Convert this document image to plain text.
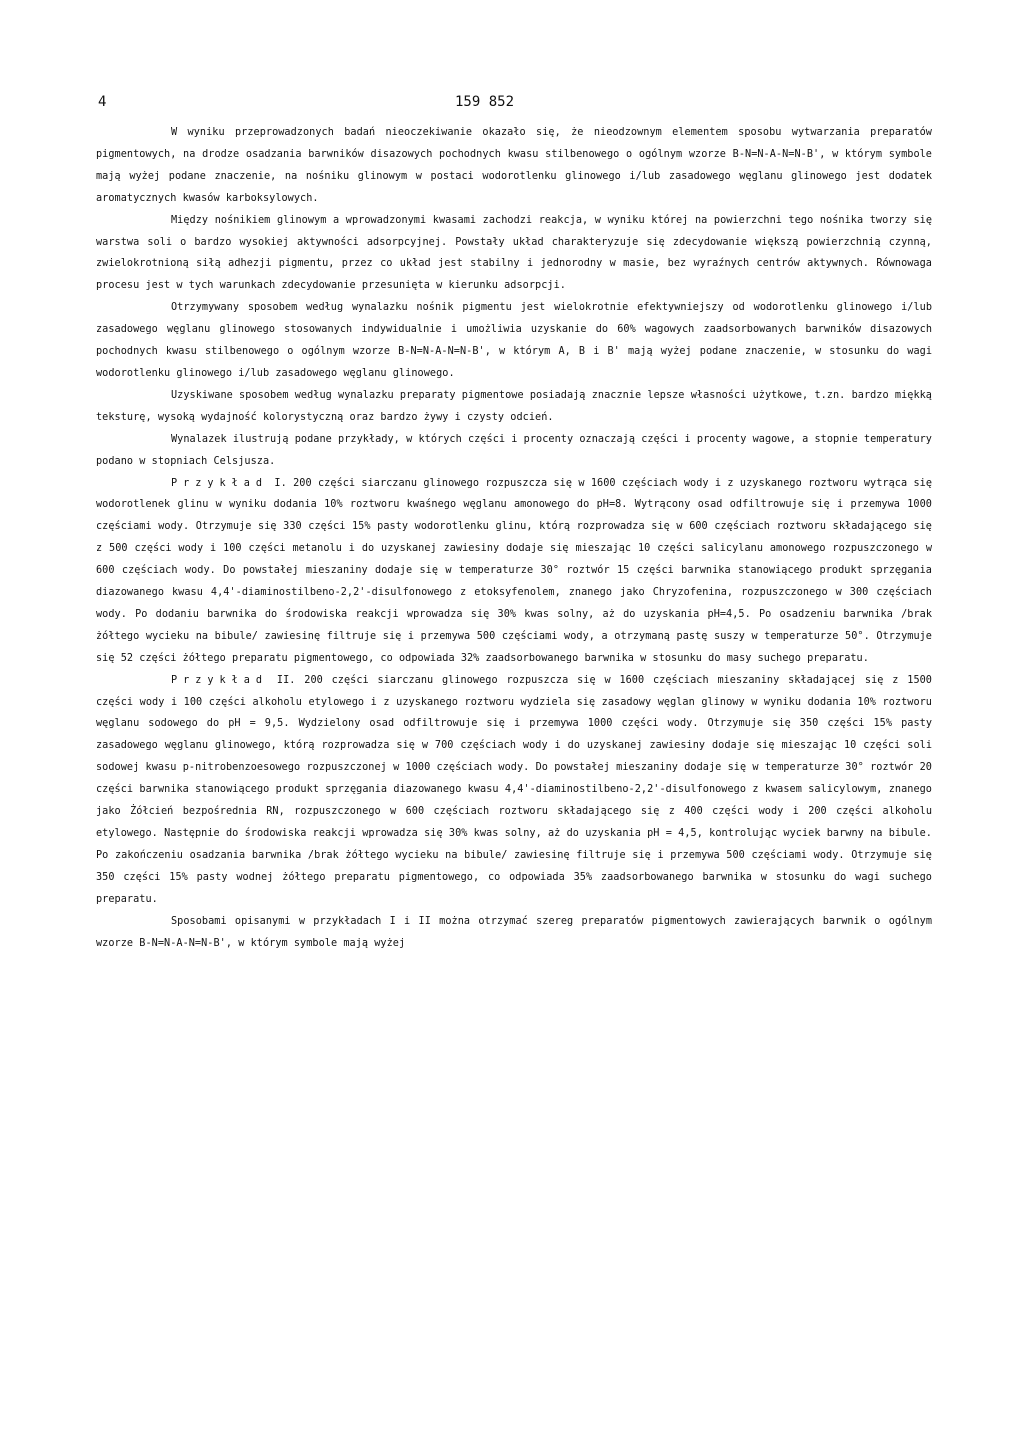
4	159 852

W wyniku przeprowadzonych badań nieoczekiwanie okazało się, że nieodzownym elementem sposobu wytwarzania preparatów pigmentowych, na drodze osadzania barwników disazowych pochodnych kwasu stilbenowego o ogólnym wzorze B-N=N-A-N=N-B', w którym symbole mają wyżej podane znaczenie, na nośniku glinowym w postaci wodorotlenku glinowego i/lub zasadowego węglanu glinowego jest dodatek aromatycznych kwasów karboksylowych.

Między nośnikiem glinowym a wprowadzonymi kwasami zachodzi reakcja, w wyniku której na powierzchni tego nośnika tworzy się warstwa soli o bardzo wysokiej aktywności adsorpcyjnej. Powstały układ charakteryzuje się zdecydowanie większą powierzchnią czynną, zwielokrotnioną siłą adhezji pigmentu, przez co układ jest stabilny i jednorodny w masie, bez wyraźnych centrów aktywnych. Równowaga procesu jest w tych warunkach zdecydowanie przesunięta w kierunku adsorpcji.

Otrzymywany sposobem według wynalazku nośnik pigmentu jest wielokrotnie efektywniejszy od wodorotlenku glinowego i/lub zasadowego węglanu glinowego stosowanych indywidualnie i umożliwia uzyskanie do 60% wagowych zaadsorbowanych barwników disazowych pochodnych kwasu stilbenowego o ogólnym wzorze B-N=N-A-N=N-B', w którym A, B i B' mają wyżej podane znaczenie, w stosunku do wagi wodorotlenku glinowego i/lub zasadowego węglanu glinowego.

Uzyskiwane sposobem według wynalazku preparaty pigmentowe posiadają znacznie lepsze własności użytkowe, t.zn. bardzo miękką teksturę, wysoką wydajność kolorystyczną oraz bardzo żywy i czysty odcień.

Wynalazek ilustrują podane przykłady, w których części i procenty oznaczają części i procenty wagowe, a stopnie temperatury podano w stopniach Celsjusza.

Przykład I. 200 części siarczanu glinowego rozpuszcza się w 1600 częściach wody i z uzyskanego roztworu wytrąca się wodorotlenek glinu w wyniku dodania 10% roztworu kwaśnego węglanu amonowego do pH=8. Wytrącony osad odfiltrowuje się i przemywa 1000 częściami wody. Otrzymuje się 330 części 15% pasty wodorotlenku glinu, którą rozprowadza się w 600 częściach roztworu składającego się z 500 części wody i 100 części metanolu i do uzyskanej zawiesiny dodaje się mieszając 10 części salicylanu amonowego rozpuszczonego w 600 częściach wody. Do powstałej mieszaniny dodaje się w temperaturze 30° roztwór 15 części barwnika stanowiącego produkt sprzęgania diazowanego kwasu 4,4'-diaminostilbeno-2,2'-disulfonowego z etoksyfenolem, znanego jako Chryzofenina, rozpuszczonego w 300 częściach wody. Po dodaniu barwnika do środowiska reakcji wprowadza się 30% kwas solny, aż do uzyskania pH=4,5. Po osadzeniu barwnika /brak żółtego wycieku na bibule/ zawiesinę filtruje się i przemywa 500 częściami wody, a otrzymaną pastę suszy w temperaturze 50°. Otrzymuje się 52 części żółtego preparatu pigmentowego, co odpowiada 32% zaadsorbowanego barwnika w stosunku do masy suchego preparatu.

Przykład II. 200 części siarczanu glinowego rozpuszcza się w 1600 częściach mieszaniny składającej się z 1500 części wody i 100 części alkoholu etylowego i z uzyskanego roztworu wydziela się zasadowy węglan glinowy w wyniku dodania 10% roztworu węglanu sodowego do pH = 9,5. Wydzielony osad odfiltrowuje się i przemywa 1000 części wody. Otrzymuje się 350 części 15% pasty zasadowego węglanu glinowego, którą rozprowadza się w 700 częściach wody i do uzyskanej zawiesiny dodaje się mieszając 10 części soli sodowej kwasu p-nitrobenzoesowego rozpuszczonej w 1000 częściach wody. Do powstałej mieszaniny dodaje się w temperaturze 30° roztwór 20 części barwnika stanowiącego produkt sprzęgania diazowanego kwasu 4,4'-diaminostilbeno-2,2'-disulfonowego z kwasem salicylowym, znanego jako Żółcień bezpośrednia RN, rozpuszczonego w 600 częściach roztworu składającego się z 400 części wody i 200 części alkoholu etylowego. Następnie do środowiska reakcji wprowadza się 30% kwas solny, aż do uzyskania pH = 4,5, kontrolując wyciek barwny na bibule. Po zakończeniu osadzania barwnika /brak żółtego wycieku na bibule/ zawiesinę filtruje się i przemywa 500 częściami wody. Otrzymuje się 350 części 15% pasty wodnej żółtego preparatu pigmentowego, co odpowiada 35% zaadsorbowanego barwnika w stosunku do wagi suchego preparatu.

Sposobami opisanymi w przykładach I i II można otrzymać szereg preparatów pigmentowych zawierających barwnik o ogólnym wzorze B-N=N-A-N=N-B', w którym symbole mają wyżej
